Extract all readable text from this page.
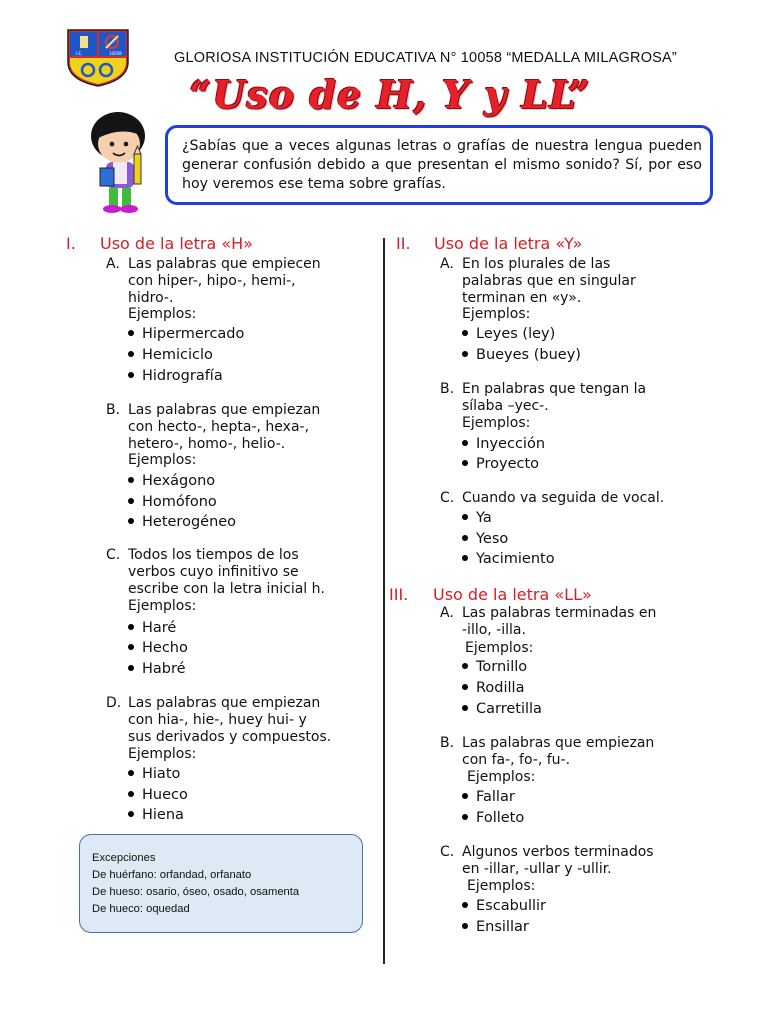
I.E.	10058	GLORIOSA INSTITUCIÓN EDUCATIVA N° 10058 “MEDALLA MILAGROSA”
“Uso de H, Y y LL”
¿Sabías que a veces algunas letras o grafías de nuestra lengua pueden generar confusión debido a que presentan el mismo sonido? Sí, por eso hoy veremos ese tema sobre grafías.
I. Uso de la letra «H»
A. Las palabras que empiecen
con hiper-, hipo-, hemi-,
hidro-.
Ejemplos:
Hipermercado
Hemiciclo
Hidrografía
B. Las palabras que empiezan
con hecto-, hepta-, hexa-,
hetero-, homo-, helio-.
Ejemplos:
Hexágono
Homófono
Heterogéneo
C. Todos los tiempos de los
verbos cuyo infinitivo se
escribe con la letra inicial h.
Ejemplos:
Haré
Hecho
Habré
D. Las palabras que empiezan
con hia-, hie-, huey hui- y
sus derivados y compuestos.
Ejemplos:
Hiato
Hueco
Hiena
Excepciones
De huérfano: orfandad, orfanato
De hueso: osario, óseo, osado, osamenta
De hueco: oquedad
II. Uso de la letra «Y»
A. En los plurales de las
palabras que en singular
terminan en «y».
Ejemplos:
Leyes (ley)
Bueyes (buey)
B. En palabras que tengan la
sílaba –yec-.
Ejemplos:
Inyección
Proyecto
C. Cuando va seguida de vocal.
Ya
Yeso
Yacimiento
III. Uso de la letra «LL»
A. Las palabras terminadas en
-illo, -illa.
Ejemplos:
Tornillo
Rodilla
Carretilla
B. Las palabras que empiezan
con fa-, fo-, fu-.
Ejemplos:
Fallar
Folleto
C. Algunos verbos terminados
en -illar, -ullar y -ullir.
Ejemplos:
Escabullir
Ensillar
